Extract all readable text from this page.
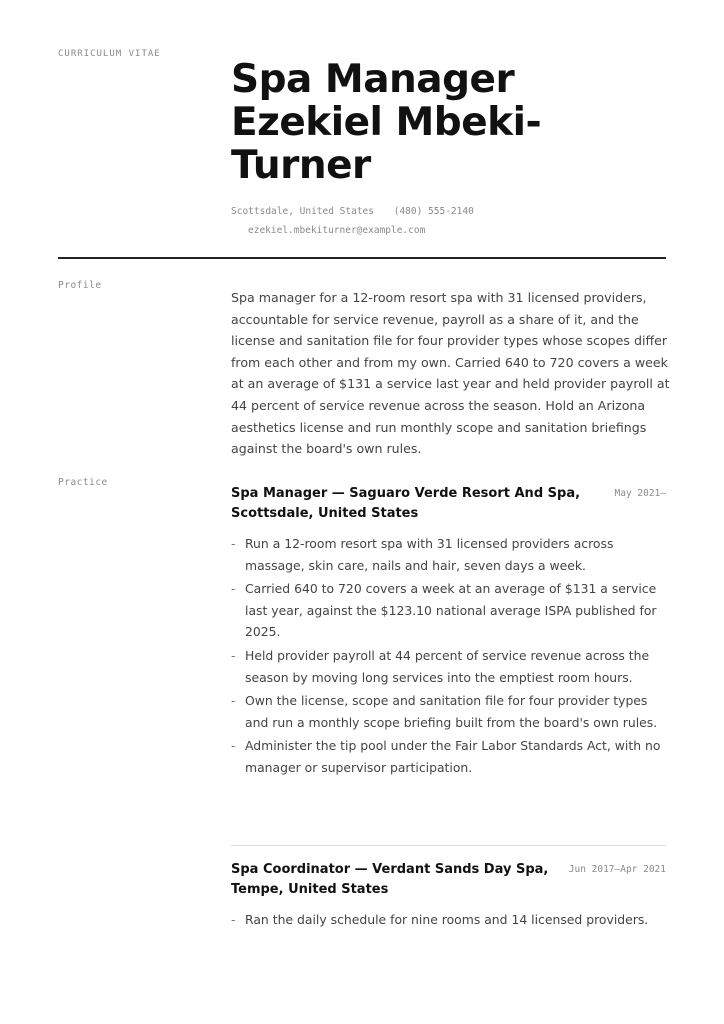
CURRICULUM VITAE
Spa Manager
Ezekiel Mbeki-
Turner
Scottsdale, United States (480) 555-2140
ezekiel.mbekiturner@example.com
Profile

Spa manager for a 12-room resort spa with 31 licensed providers, accountable for service revenue, payroll as a share of it, and the license and sanitation file for four provider types whose scopes differ from each other and from my own. Carried 640 to 720 covers a week at an average of $131 a service last year and held provider payroll at 44 percent of service revenue across the season. Hold an Arizona aesthetics license and run monthly scope and sanitation briefings against the board's own rules.

Practice
Spa Manager — Saguaro Verde Resort And Spa, Scottsdale, United States
May 2021–
- Run a 12-room resort spa with 31 licensed providers across massage, skin care, nails and hair, seven days a week.
- Carried 640 to 720 covers a week at an average of $131 a service last year, against the $123.10 national average ISPA published for 2025.
- Held provider payroll at 44 percent of service revenue across the season by moving long services into the emptiest room hours.
- Own the license, scope and sanitation file for four provider types and run a monthly scope briefing built from the board's own rules.
- Administer the tip pool under the Fair Labor Standards Act, with no manager or supervisor participation.
Spa Coordinator — Verdant Sands Day Spa, Tempe, United States
Jun 2017–Apr 2021
- Ran the daily schedule for nine rooms and 14 licensed providers.
